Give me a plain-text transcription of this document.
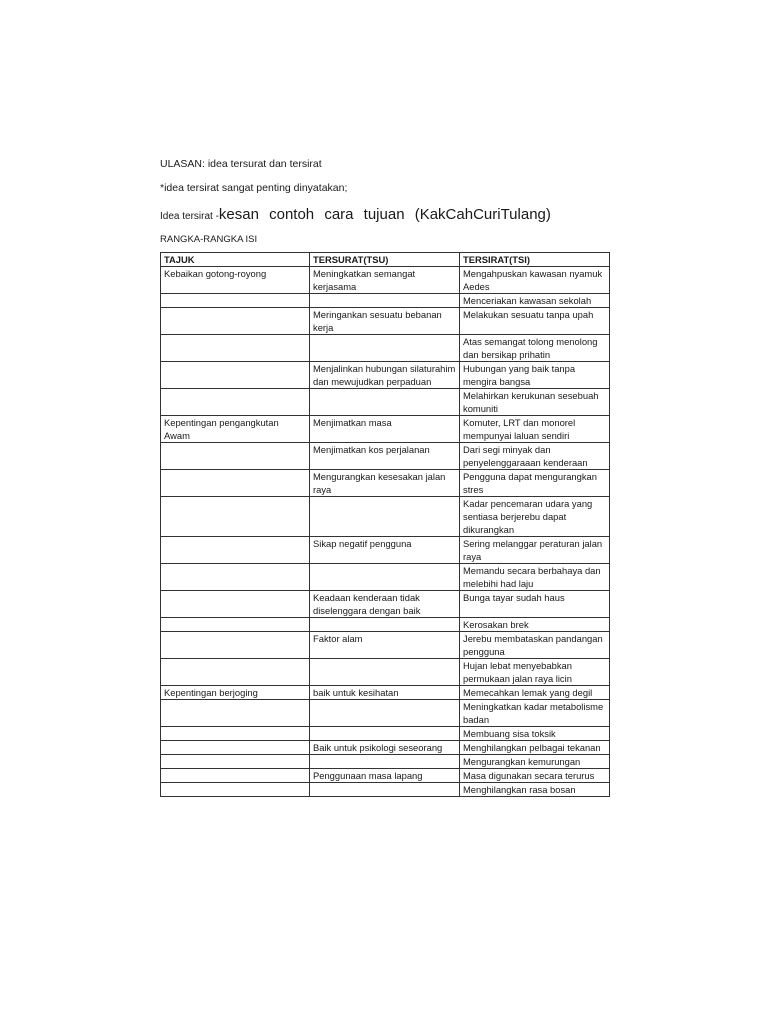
ULASAN: idea tersurat dan tersirat
*idea tersirat sangat penting dinyatakan;
Idea tersirat -kesan contoh cara tujuan (KakCahCuriTulang)
RANGKA-RANGKA ISI
TAJUK	TERSURAT(TSU)	TERSIRAT(TSI)
Kebaikan gotong-royong	Meningkatkan semangat kerjasama	Mengahpuskan kawasan nyamuk Aedes
		Menceriakan kawasan sekolah
	Meringankan sesuatu bebanan kerja	Melakukan sesuatu tanpa upah
		Atas semangat tolong menolong dan bersikap prihatin
	Menjalinkan hubungan silaturahim dan mewujudkan perpaduan	Hubungan yang baik tanpa mengira bangsa
		Melahirkan kerukunan sesebuah komuniti
Kepentingan pengangkutan Awam	Menjimatkan masa	Komuter, LRT dan monorel mempunyai laluan sendiri
	Menjimatkan kos perjalanan	Dari segi minyak dan penyelenggaraaan kenderaan
	Mengurangkan kesesakan jalan raya	Pengguna dapat mengurangkan stres
		Kadar pencemaran udara yang sentiasa berjerebu dapat dikurangkan
	Sikap negatif pengguna	Sering melanggar peraturan jalan raya
		Memandu secara berbahaya dan melebihi had laju
	Keadaan kenderaan tidak diselenggara dengan baik	Bunga tayar sudah haus
		Kerosakan brek
	Faktor alam	Jerebu membataskan pandangan pengguna
		Hujan lebat menyebabkan permukaan jalan raya licin
Kepentingan berjoging	baik untuk kesihatan	Memecahkan lemak yang degil
		Meningkatkan kadar metabolisme badan
		Membuang sisa toksik
	Baik untuk psikologi seseorang	Menghilangkan pelbagai tekanan
		Mengurangkan kemurungan
	Penggunaan masa lapang	Masa digunakan secara terurus
		Menghilangkan rasa bosan
